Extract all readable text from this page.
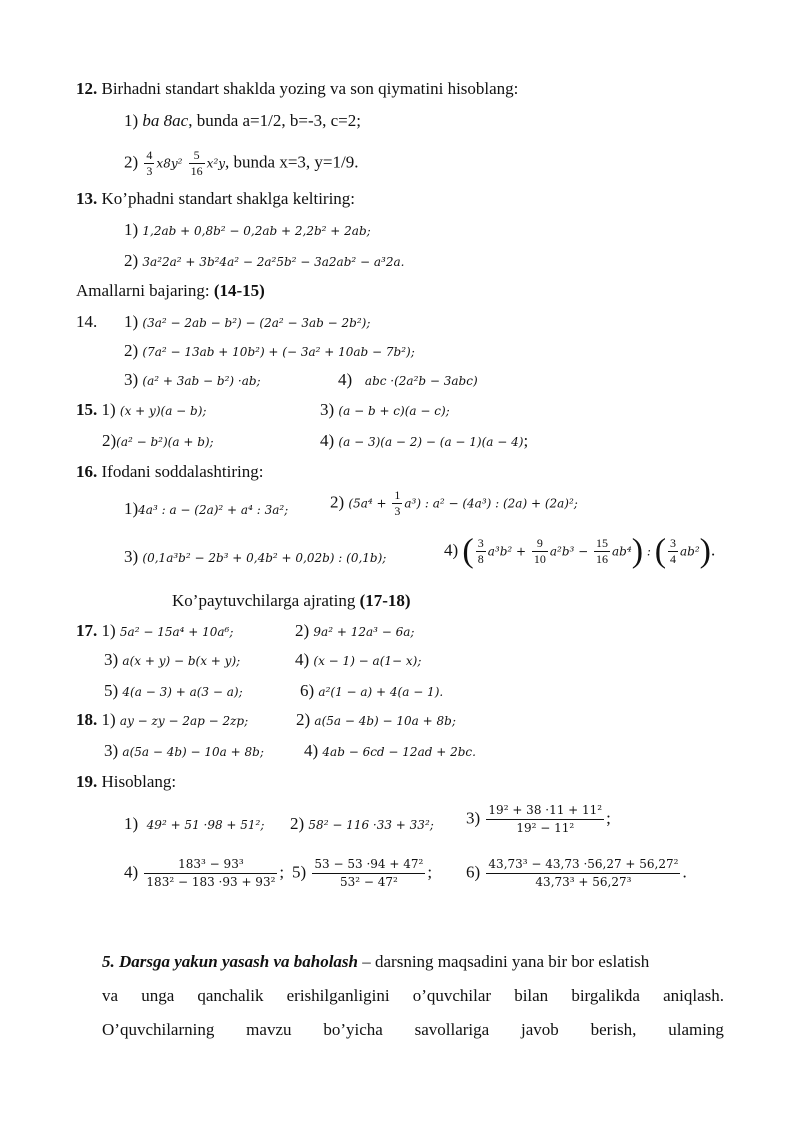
12. Birhadni standart shaklda yozing va son qiymatini hisoblang:
1) ba 8ac, bunda a=1/2, b=-3, c=2;
$2) \frac{4}{3} x8y^2 \frac{5}{16} x^2y$, bunda x=3, y=1/9.
13. Ko’phadni standart shaklga keltiring:
1) 1,2ab + 0,8b² − 0,2ab + 2,2b² + 2ab;
2) 3a²2a² + 3b²4a² − 2a²5b² − 3a2ab² − a³2a.
Amallarni bajaring: (14-15)
14. 1) (3a² − 2ab − b²) − (2a² − 3ab − 2b²);
2) (7a² − 13ab + 10b²) + (− 3a² + 10ab − 7b²);
3) (a² + 3ab − b²) ·ab;	4) abc ·(2a²b − 3abc)
15. 1) (x + y)(a − b);	3) (a − b + c)(a − c);
2)(a² − b²)(a + b);	4) (a − 3)(a − 2) − (a − 1)(a − 4);
16. Ifodani soddalashtiring:
1)4a³ : a − (2a)² + a⁴ : 3a²; 2) $(5a^4 + \frac{1}{3} a^3)$ : a² − (4a³) : (2a) + (2a)²;
3) (0,1a³b² − 2b³ + 0,4b² + 0,02b) : (0,1b);	4) ( $\frac{3}{8} a^3b^2 + \frac{9}{10} a^2b^3 - \frac{15}{16} ab^4$) : ( $\frac{3}{4} ab^2$).
Ko’paytuvchilarga ajrating (17-18)
17. 1) 5a² − 15a⁴ + 10a⁶;	2) 9a² + 12a³ − 6a;
3) a(x + y) − b(x + y);	4) (x − 1) − a(1− x);
5) 4(a − 3) + a(3 − a);	6) a²(1 − a) + 4(a − 1).
18. 1) ay − zy − 2ap − 2zp;	2) a(5a − 4b) − 10a + 8b;
3) a(5a − 4b) − 10a + 8b; 4) 4ab − 6cd − 12ad + 2bc.
19. Hisoblang:
1) 49² + 51 ·98 + 51²; 2) 58² − 116 ·33 + 33²; $3) \frac{\text{19² + 38 ·11 + 11²}}{\text{19² − 11²}}$ ;
$4) \frac{\text{183³ − 93³}}{\text{183² − 183 ·93 + 93²}}$ ; $5) \frac{\text{53 − 53 ·94 + 47²}}{\text{53² − 47²}}$ ; $6) \frac{\text{43,73³ − 43,73 ·56,27 + 56,27²}}{\text{43,73³ + 56,27³}}$ .
5. Darsga yakun yasash va baholash – darsning maqsadini yana bir bor eslatish
va unga qanchalik erishilganligini o’quvchilar bilan birgalikda aniqlash.
O’quvchilarning mavzu bo’yicha savollariga javob berish, ulaming
